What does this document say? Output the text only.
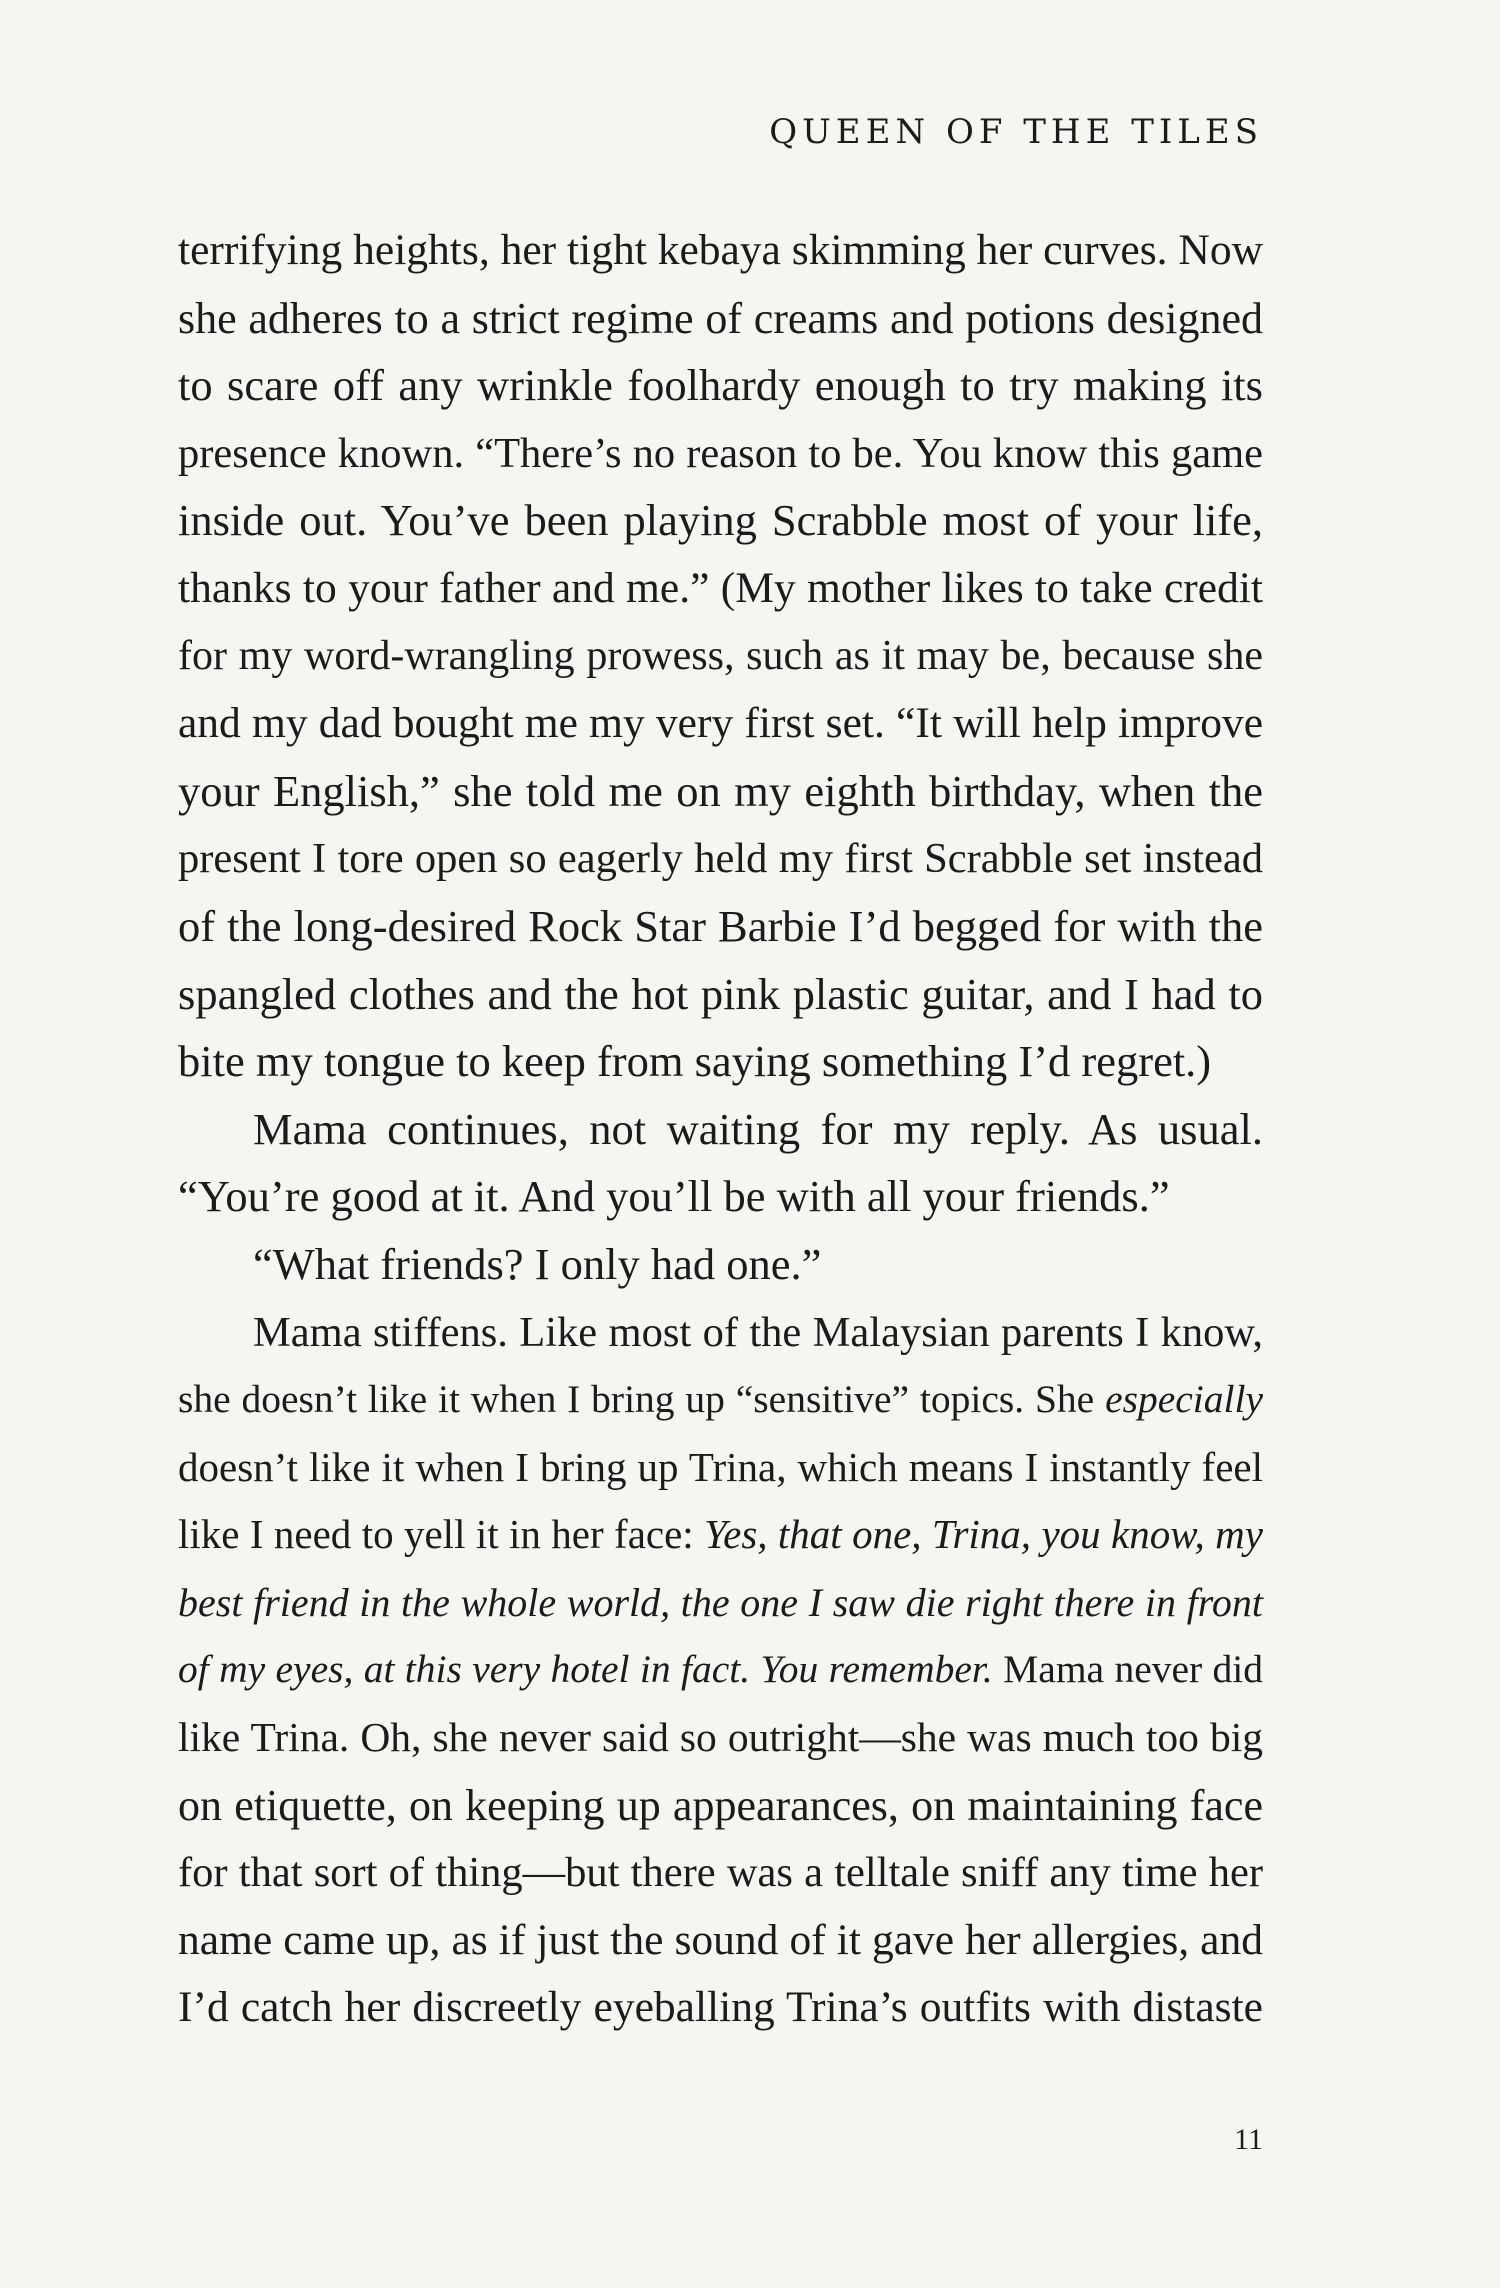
QUEEN OF THE TILES
terrifying heights, her tight kebaya skimming her curves. Now
she adheres to a strict regime of creams and potions designed
to scare off any wrinkle foolhardy enough to try making its
presence known. “There’s no reason to be. You know this game
inside out. You’ve been playing Scrabble most of your life,
thanks to your father and me.” (My mother likes to take credit
for my word-wrangling prowess, such as it may be, because she
and my dad bought me my very first set. “It will help improve
your English,” she told me on my eighth birthday, when the
present I tore open so eagerly held my first Scrabble set instead
of the long-desired Rock Star Barbie I’d begged for with the
spangled clothes and the hot pink plastic guitar, and I had to
bite my tongue to keep from saying something I’d regret.)
Mama continues, not waiting for my reply. As usual.
“You’re good at it. And you’ll be with all your friends.”
“What friends? I only had one.”
Mama stiffens. Like most of the Malaysian parents I know,
she doesn’t like it when I bring up “sensitive” topics. She especially
doesn’t like it when I bring up Trina, which means I instantly feel
like I need to yell it in her face: Yes, that one, Trina, you know, my
best friend in the whole world, the one I saw die right there in front
of my eyes, at this very hotel in fact. You remember. Mama never did
like Trina. Oh, she never said so outright—she was much too big
on etiquette, on keeping up appearances, on maintaining face
for that sort of thing—but there was a telltale sniff any time her
name came up, as if just the sound of it gave her allergies, and
I’d catch her discreetly eyeballing Trina’s outfits with distaste
11
